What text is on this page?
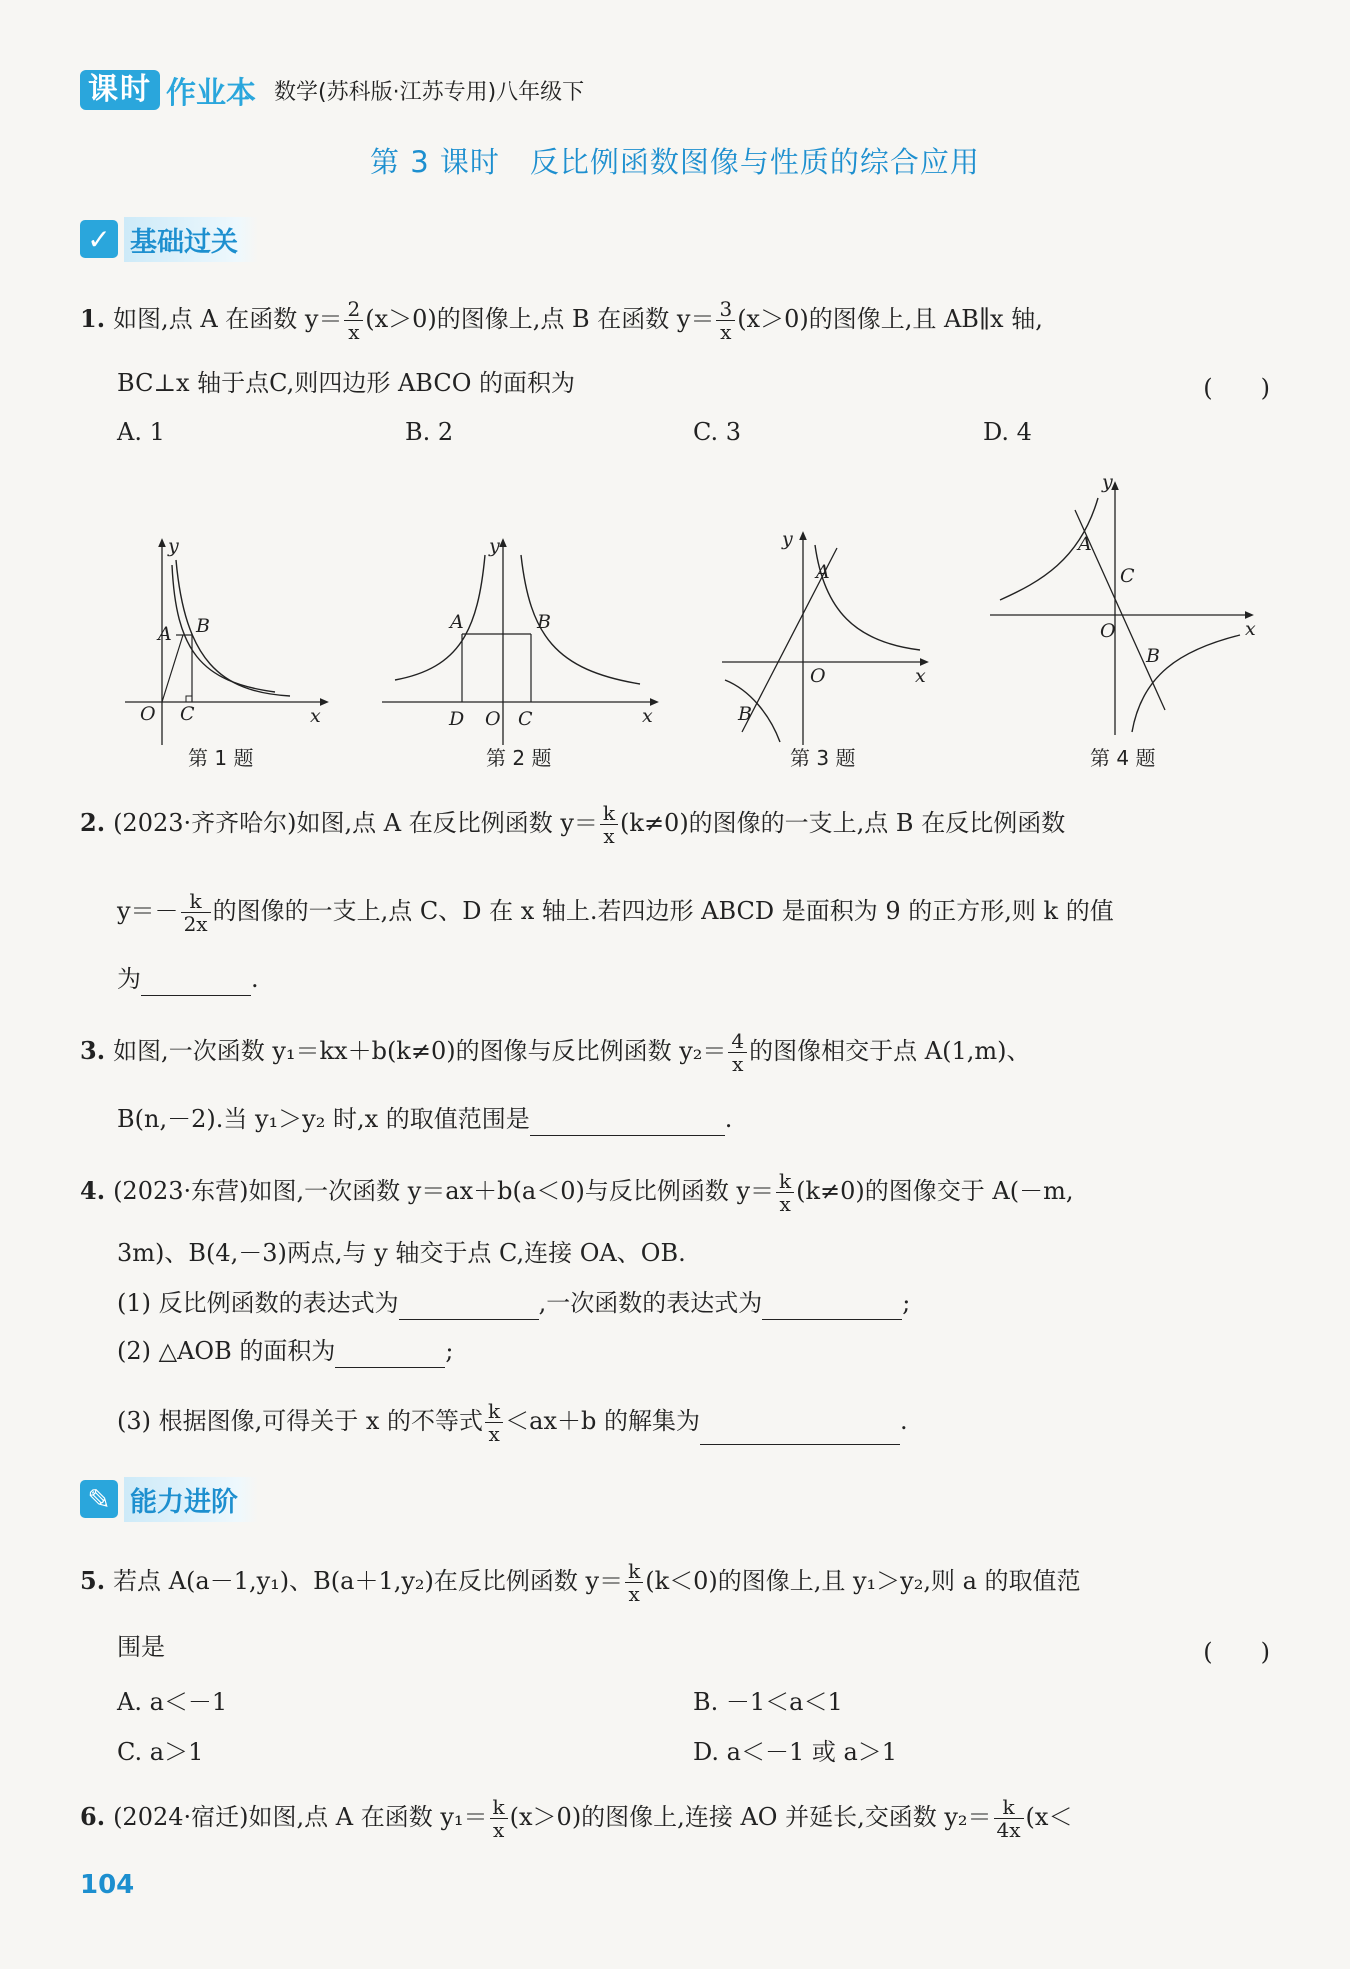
课时 作业本 数学(苏科版·江苏专用)八年级下
第 3 课时　反比例函数图像与性质的综合应用
✓ 基础过关
1. 如图,点 A 在函数 $y= \frac{2}{x} (x>0)$的图像上,点 B 在函数 $y= \frac{3}{x} (x>0)$的图像上,且 AB∥x 轴,
BC⊥x 轴于点C,则四边形 ABCO 的面积为	(　　)
A. 1	B. 2	C. 3	D. 4
y
x
O C
A B
y
x
A	B
D O C
y
x
A
O
B
y
x
A
C
O
B
第 1 题	第 2 题	第 3 题	第 4 题
2. (2023·齐齐哈尔)如图,点 A 在反比例函数 $y= \frac{k}{x} (k\ne 0)$的图像的一支上,点 B 在反比例函数
$y=- \frac{k}{2x}$ 的图像的一支上,点 C、D 在 x 轴上.若四边形 ABCD 是面积为 9 的正方形,则 k 的值
为	.
3. 如图,一次函数 y₁＝kx＋b(k≠0)的图像与反比例函数 $y_2= \frac{4}{x}$ 的图像相交于点 A(1,m)、
B(n,－2).当 y₁＞y₂ 时,x 的取值范围是	.
4. (2023·东营)如图,一次函数 y＝ax＋b(a＜0)与反比例函数 $y= \frac{k}{x} (k\ne 0)$的图像交于 A(－m,
3m)、B(4,－3)两点,与 y 轴交于点 C,连接 OA、OB.
(1) 反比例函数的表达式为	,一次函数的表达式为	;
(2) △AOB 的面积为	;
(3) 根据图像,可得关于 x 的不等式 $\frac{k}{x} <ax+b$ 的解集为	.
✎ 能力进阶
5. 若点 A(a－1,y₁)、B(a＋1,y₂)在反比例函数 $y= \frac{k}{x} (k<0)$的图像上,且 y₁＞y₂,则 a 的取值范
围是	(　　)
A. a＜－1	B. －1＜a＜1
C. a＞1	D. a＜－1 或 a＞1
6. (2024·宿迁)如图,点 A 在函数 $y_1= \frac{k}{x} (x>0)$的图像上,连接 AO 并延长,交函数 $y_2= \frac{k}{4x} (x<$
104
